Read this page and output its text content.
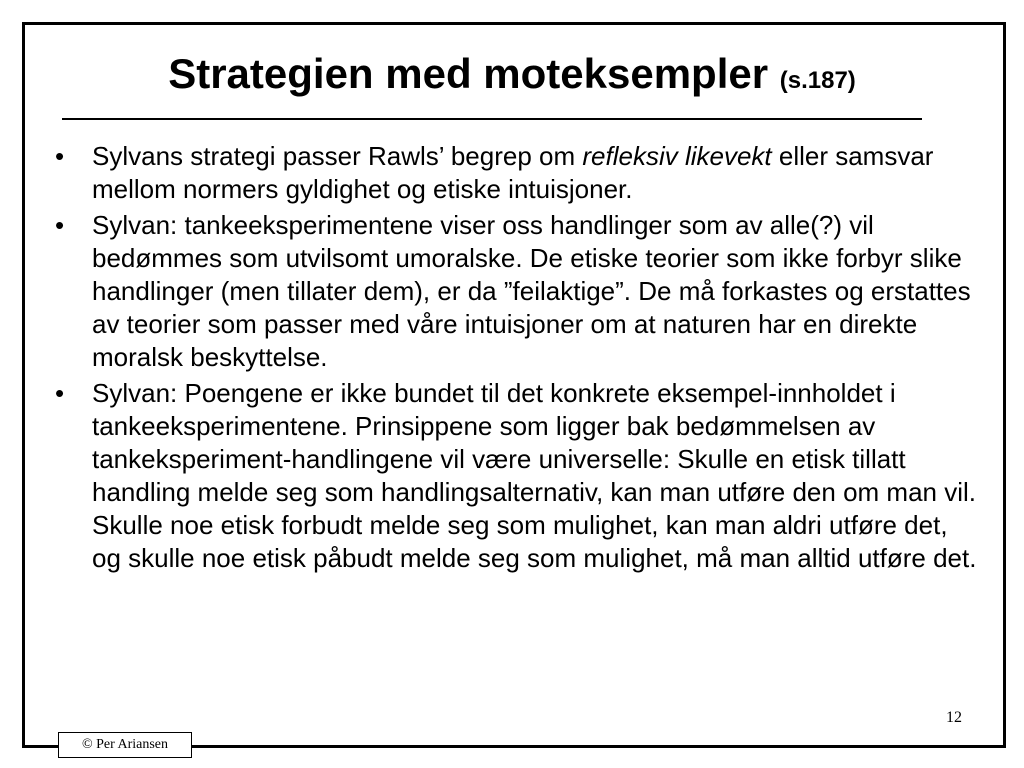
Strategien med moteksempler (s.187)
•	Sylvans strategi passer Rawls’ begrep om refleksiv likevekt eller samsvar mellom normers gyldighet og etiske intuisjoner.
•	Sylvan: tankeeksperimentene viser oss handlinger som av alle(?) vil bedømmes som utvilsomt umoralske. De etiske teorier som ikke forbyr slike handlinger (men tillater dem), er da ”feilaktige”. De må forkastes og erstattes av teorier som passer med våre intuisjoner om at naturen har en direkte moralsk beskyttelse.
•	Sylvan: Poengene er ikke bundet til det konkrete eksempel-innholdet i tankeeksperimentene. Prinsippene som ligger bak bedømmelsen av tankeksperiment-handlingene vil være universelle: Skulle en etisk tillatt handling melde seg som handlingsalternativ, kan man utføre den om man vil. Skulle noe etisk forbudt melde seg som mulighet, kan man aldri utføre det, og skulle noe etisk påbudt melde seg som mulighet, må man alltid utføre det.
12
© Per Ariansen
